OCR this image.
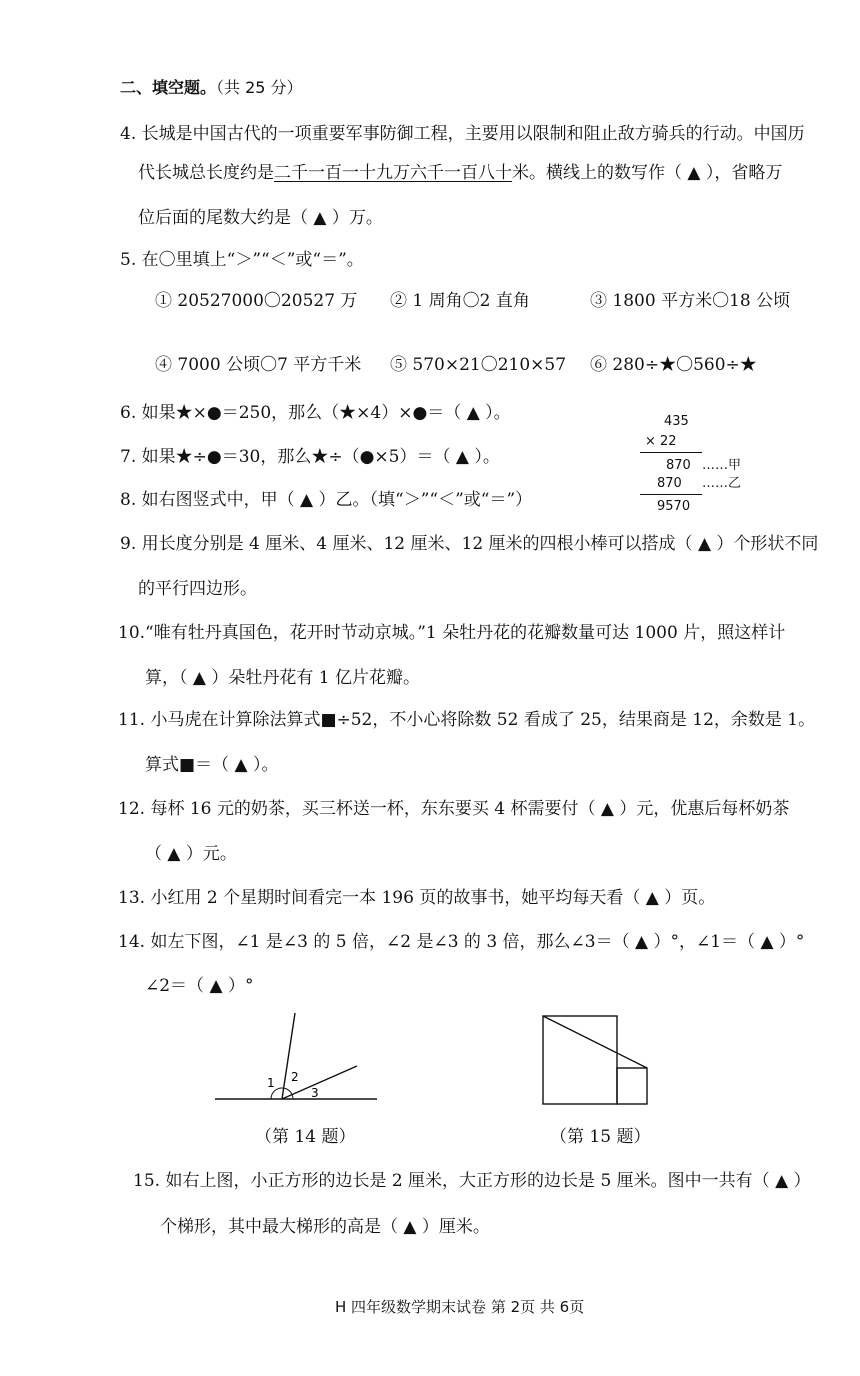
二、填空题。（共 25 分）
4. 长城是中国古代的一项重要军事防御工程，主要用以限制和阻止敌方骑兵的行动。中国历
代长城总长度约是二千一百一十九万六千一百八十米。横线上的数写作（ ▲ ），省略万
位后面的尾数大约是（ ▲ ）万。
5. 在〇里填上“＞”“＜”或“＝”。
① 20527000〇20527 万 ② 1 周角〇2 直角	③ 1800 平方米〇18 公顷
④ 7000 公顷〇7 平方千米 ⑤ 570×21〇210×57 ⑥ 280÷★〇560÷★
6. 如果★×●＝250，那么（★×4）×●＝（ ▲ ）。
7. 如果★÷●＝30，那么★÷（●×5）＝（ ▲ ）。
8. 如右图竖式中，甲（ ▲ ）乙。（填“＞”“＜”或“＝”）
435
× 22
870 ……甲
870 ……乙
9570
9. 用长度分别是 4 厘米、4 厘米、12 厘米、12 厘米的四根小棒可以搭成（ ▲ ）个形状不同
的平行四边形。
10.“唯有牡丹真国色，花开时节动京城。”1 朵牡丹花的花瓣数量可达 1000 片，照这样计
算，（ ▲ ）朵牡丹花有 1 亿片花瓣。
11. 小马虎在计算除法算式■÷52，不小心将除数 52 看成了 25，结果商是 12，余数是 1。
算式■＝（ ▲ ）。
12. 每杯 16 元的奶茶，买三杯送一杯，东东要买 4 杯需要付（ ▲ ）元，优惠后每杯奶茶
（ ▲ ）元。
13. 小红用 2 个星期时间看完一本 196 页的故事书，她平均每天看（ ▲ ）页。
14. 如左下图，∠1 是∠3 的 5 倍，∠2 是∠3 的 3 倍，那么∠3＝（ ▲ ）°，∠1＝（ ▲ ）°
∠2＝（ ▲ ）°
1 2
3
（第 14 题）	（第 15 题）
15. 如右上图，小正方形的边长是 2 厘米，大正方形的边长是 5 厘米。图中一共有（ ▲ ）
个梯形，其中最大梯形的高是（ ▲ ）厘米。
H 四年级数学期末试卷 第 2页 共 6页
